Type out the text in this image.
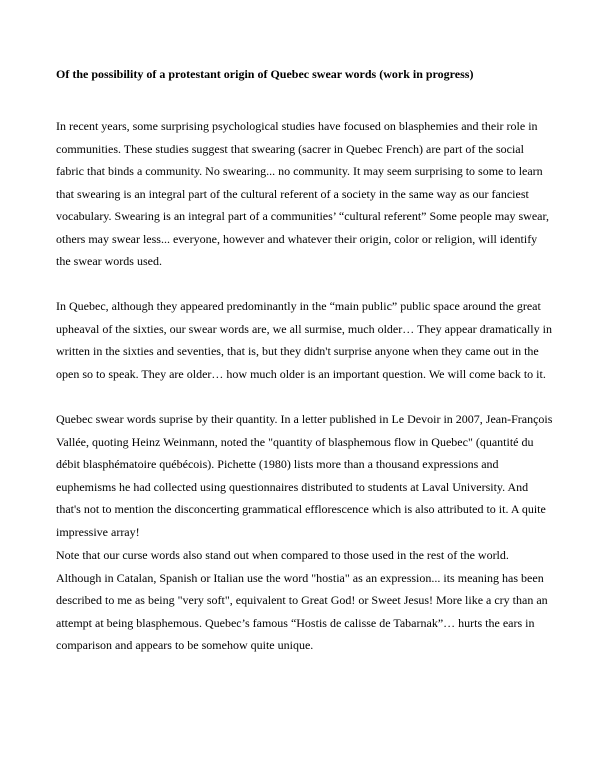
Of the possibility of a protestant origin of Quebec swear words (work in progress)
In recent years, some surprising psychological studies have focused on blasphemies and their role in
communities. These studies suggest that swearing (sacrer in Quebec French) are part of the social
fabric that binds a community. No swearing... no community. It may seem surprising to some to learn
that swearing is an integral part of the cultural referent of a society in the same way as our fanciest
vocabulary. Swearing is an integral part of a communities’ “cultural referent” Some people may swear,
others may swear less... everyone, however and whatever their origin, color or religion, will identify
the swear words used.
In Quebec, although they appeared predominantly in the “main public” public space around the great
upheaval of the sixties, our swear words are, we all surmise, much older… They appear dramatically in
written in the sixties and seventies, that is, but they didn't surprise anyone when they came out in the
open so to speak. They are older… how much older is an important question. We will come back to it.
Quebec swear words suprise by their quantity. In a letter published in Le Devoir in 2007, Jean-François
Vallée, quoting Heinz Weinmann, noted the "quantity of blasphemous flow in Quebec" (quantité du
débit blasphématoire québécois). Pichette (1980) lists more than a thousand expressions and
euphemisms he had collected using questionnaires distributed to students at Laval University. And
that's not to mention the disconcerting grammatical efflorescence which is also attributed to it. A quite
impressive array!
Note that our curse words also stand out when compared to those used in the rest of the world.
Although in Catalan, Spanish or Italian use the word "hostia" as an expression... its meaning has been
described to me as being "very soft", equivalent to Great God! or Sweet Jesus! More like a cry than an
attempt at being blasphemous. Quebec’s famous “Hostis de calisse de Tabarnak”… hurts the ears in
comparison and appears to be somehow quite unique.
